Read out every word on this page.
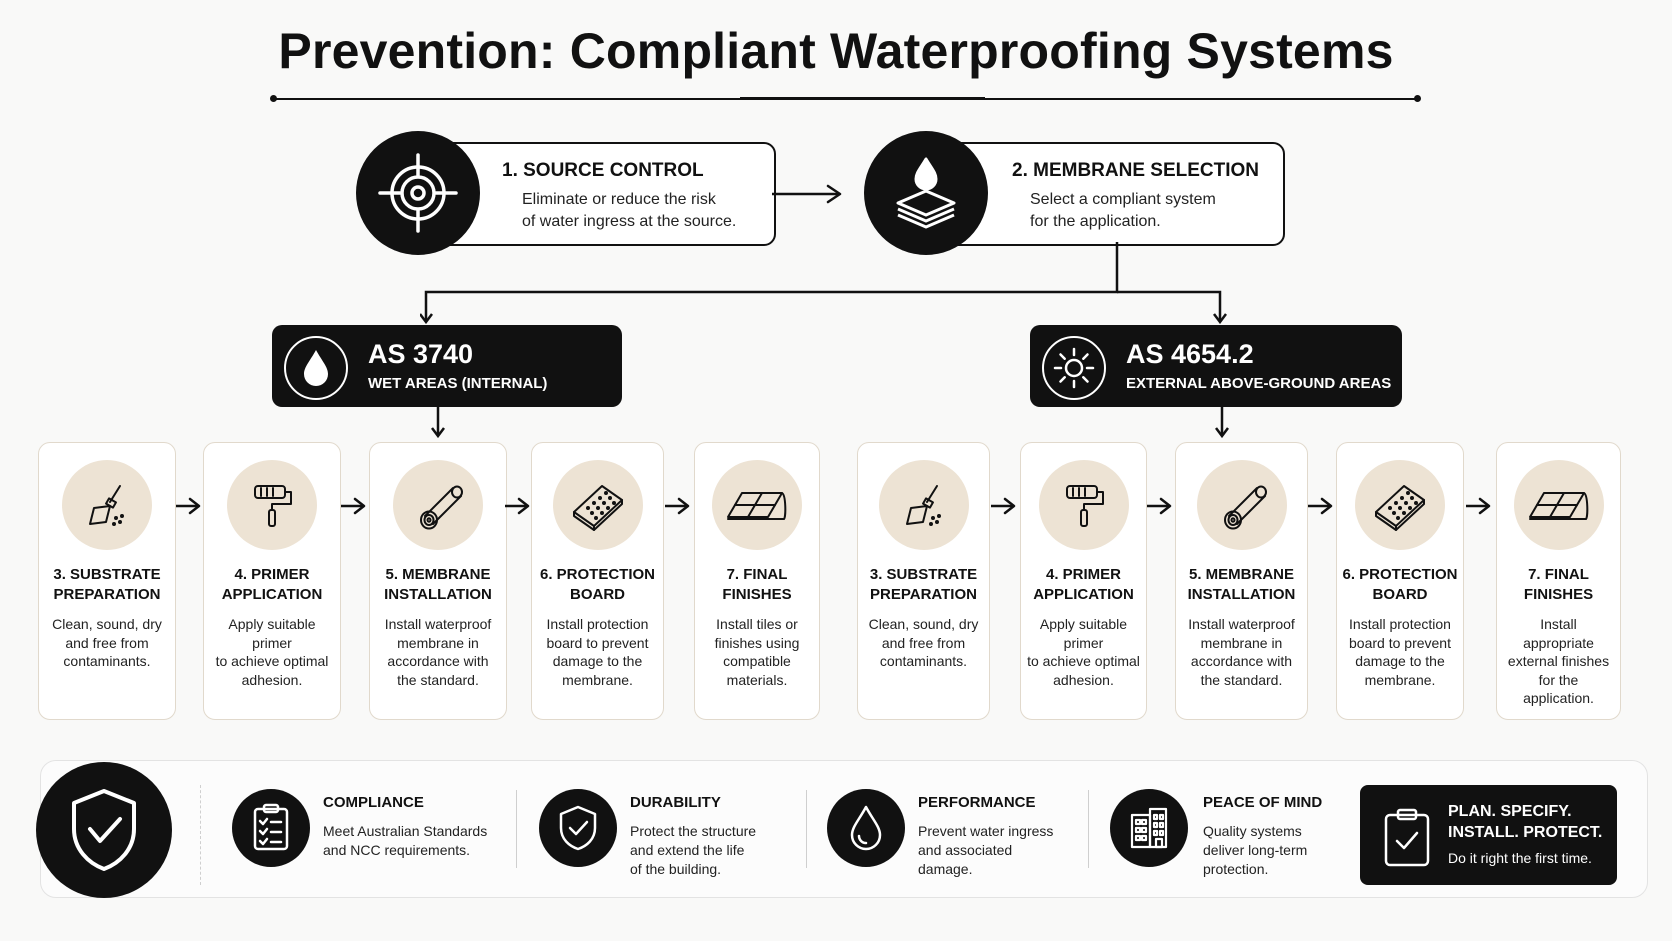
Prevention: Compliant Waterproofing Systems
1. SOURCE CONTROL
Eliminate or reduce the risk
of water ingress at the source.
2. MEMBRANE SELECTION
Select a compliant system
for the application.
AS 3740
WET AREAS (INTERNAL)
AS 4654.2
EXTERNAL ABOVE-GROUND AREAS
3. SUBSTRATE
PREPARATION
Clean, sound, dry
and free from
contaminants.
4. PRIMER
APPLICATION
Apply suitable primer
to achieve optimal
adhesion.
5. MEMBRANE
INSTALLATION
Install waterproof
membrane in
accordance with
the standard.
6. PROTECTION
BOARD
Install protection
board to prevent
damage to the
membrane.
7. FINAL
FINISHES
Install tiles or
finishes using
compatible
materials.
3. SUBSTRATE
PREPARATION
Clean, sound, dry
and free from
contaminants.
4. PRIMER
APPLICATION
Apply suitable primer
to achieve optimal
adhesion.
5. MEMBRANE
INSTALLATION
Install waterproof
membrane in
accordance with
the standard.
6. PROTECTION
BOARD
Install protection
board to prevent
damage to the
membrane.
7. FINAL
FINISHES
Install appropriate
external finishes
for the application.
COMPLIANCE
Meet Australian Standards
and NCC requirements.
DURABILITY
Protect the structure
and extend the life
of the building.
PERFORMANCE
Prevent water ingress
and associated
damage.
PEACE OF MIND
Quality systems
deliver long-term
protection.
PLAN. SPECIFY.
INSTALL. PROTECT.
Do it right the first time.
